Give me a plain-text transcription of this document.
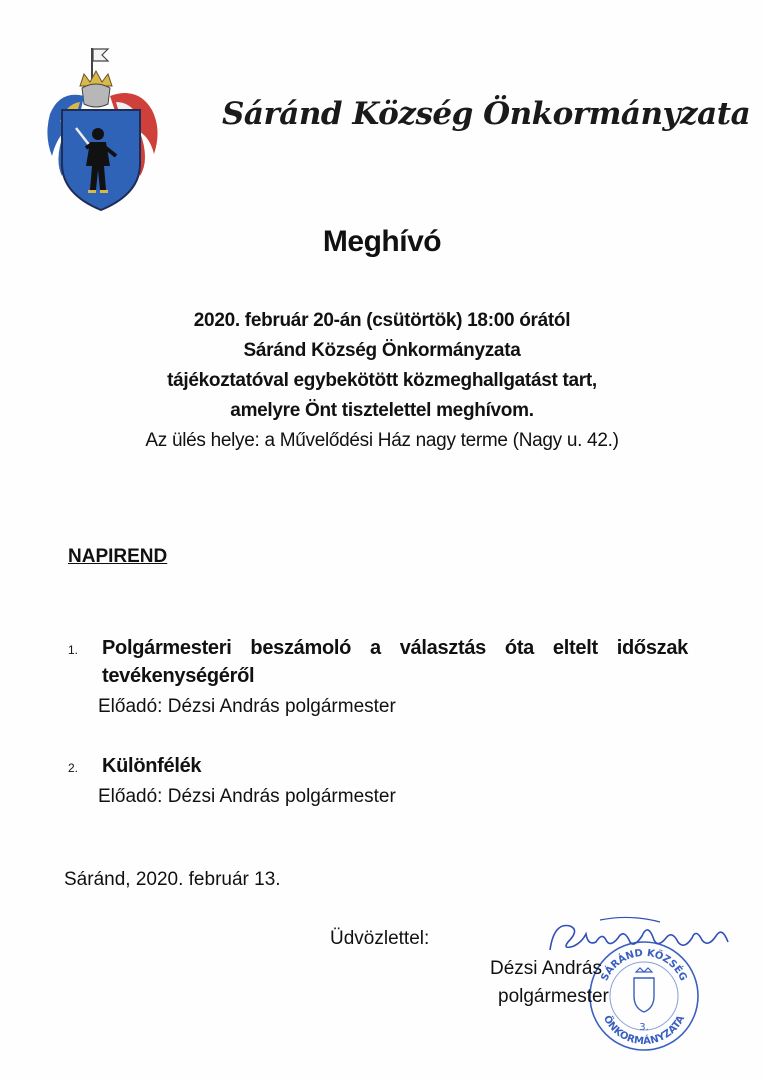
Sáránd Község Önkormányzata
Meghívó
2020. február 20-án (csütörtök) 18:00 órától
Sáránd Község Önkormányzata
tájékoztatóval egybekötött közmeghallgatást tart,
amelyre Önt tisztelettel meghívom.
Az ülés helye: a Művelődési Ház nagy terme (Nagy u. 42.)
NAPIREND
1. Polgármesteri beszámoló a választás óta eltelt időszak
tevékenységéről
Előadó: Dézsi András polgármester
2. Különfélék
Előadó: Dézsi András polgármester
Sáránd, 2020. február 13.
Üdvözlettel:
SÁRÁND KÖZSÉG
ÖNKORMÁNYZATA
3.
Dézsi András
polgármester
